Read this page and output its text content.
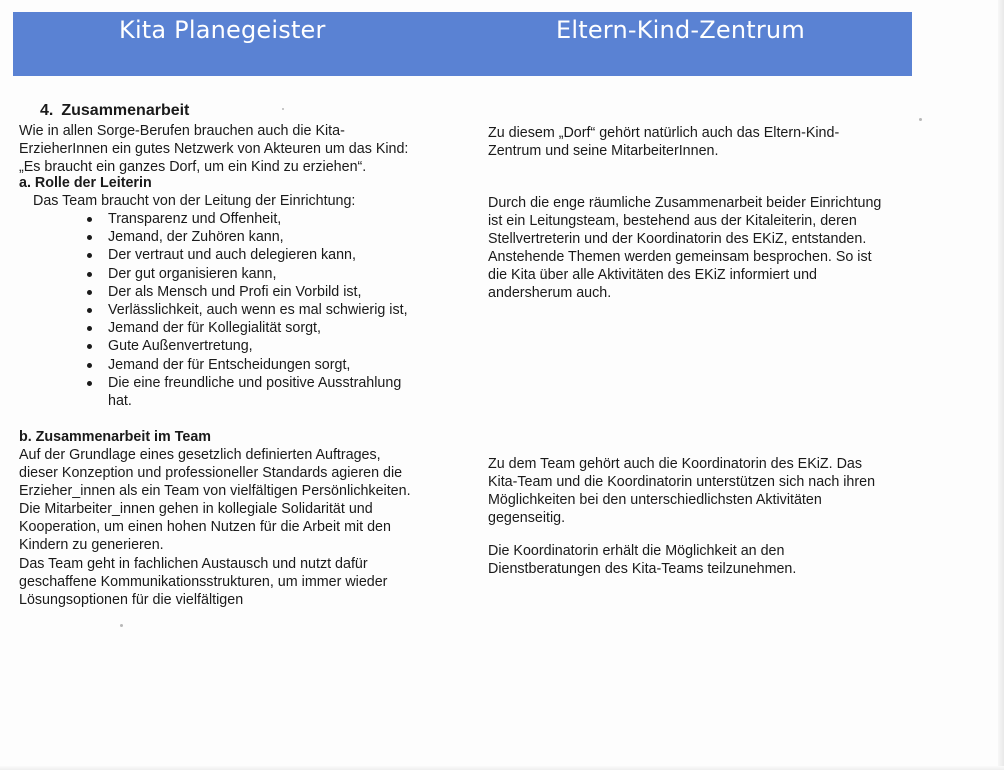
Kita Planegeister	Eltern-Kind-Zentrum
4. Zusammenarbeit
Wie in allen Sorge-Berufen brauchen auch die Kita-
ErzieherInnen ein gutes Netzwerk von Akteuren um das Kind:
„Es braucht ein ganzes Dorf, um ein Kind zu erziehen“.
a. Rolle der Leiterin
Das Team braucht von der Leitung der Einrichtung:
Transparenz und Offenheit,
Jemand, der Zuhören kann,
Der vertraut und auch delegieren kann,
Der gut organisieren kann,
Der als Mensch und Profi ein Vorbild ist,
Verlässlichkeit, auch wenn es mal schwierig ist,
Jemand der für Kollegialität sorgt,
Gute Außenvertretung,
Jemand der für Entscheidungen sorgt,
Die eine freundliche und positive Ausstrahlung
hat.
b. Zusammenarbeit im Team
Auf der Grundlage eines gesetzlich definierten Auftrages,
dieser Konzeption und professioneller Standards agieren die
Erzieher_innen als ein Team von vielfältigen Persönlichkeiten.
Die Mitarbeiter_innen gehen in kollegiale Solidarität und
Kooperation, um einen hohen Nutzen für die Arbeit mit den
Kindern zu generieren.
Das Team geht in fachlichen Austausch und nutzt dafür
geschaffene Kommunikationsstrukturen, um immer wieder
Lösungsoptionen für die vielfältigen
Zu diesem „Dorf“ gehört natürlich auch das Eltern-Kind-
Zentrum und seine MitarbeiterInnen.
Durch die enge räumliche Zusammenarbeit beider Einrichtung
ist ein Leitungsteam, bestehend aus der Kitaleiterin, deren
Stellvertreterin und der Koordinatorin des EKiZ, entstanden.
Anstehende Themen werden gemeinsam besprochen. So ist
die Kita über alle Aktivitäten des EKiZ informiert und
andersherum auch.
Zu dem Team gehört auch die Koordinatorin des EKiZ. Das
Kita-Team und die Koordinatorin unterstützen sich nach ihren
Möglichkeiten bei den unterschiedlichsten Aktivitäten
gegenseitig.
Die Koordinatorin erhält die Möglichkeit an den
Dienstberatungen des Kita-Teams teilzunehmen.
